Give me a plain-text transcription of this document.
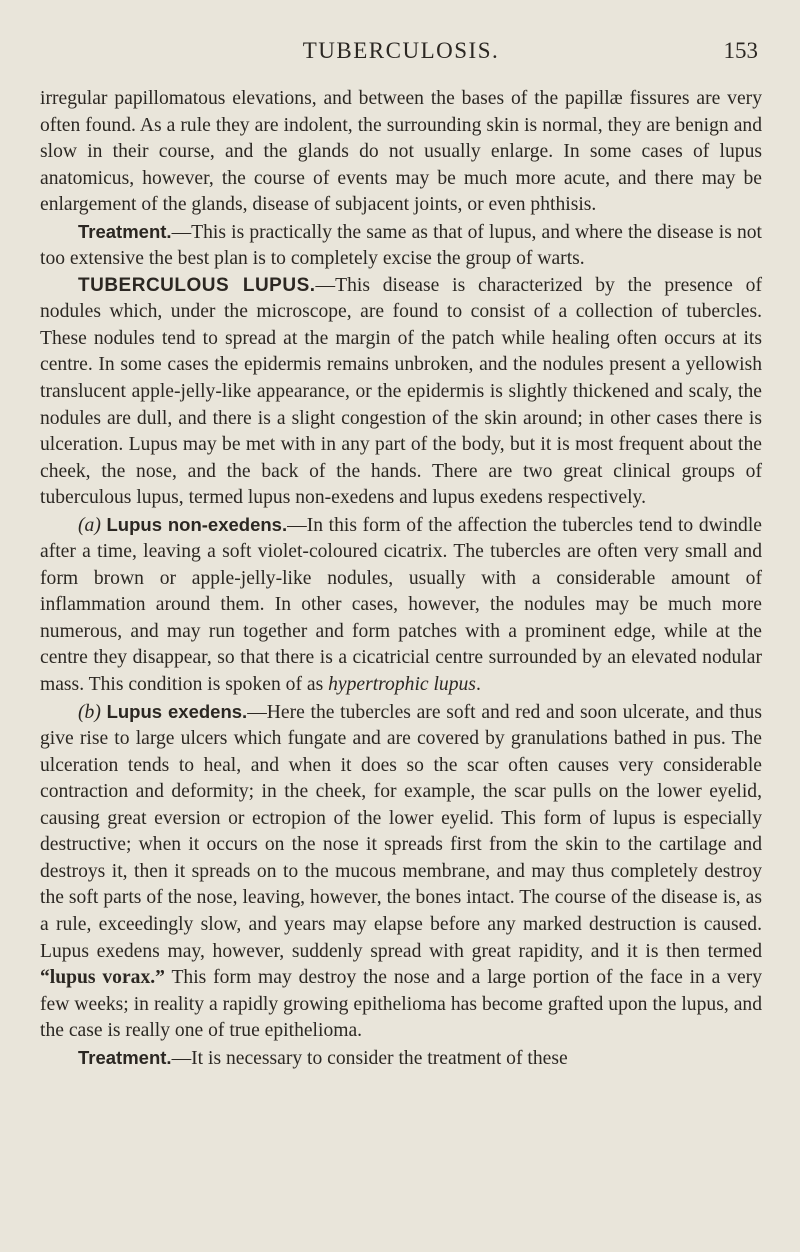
TUBERCULOSIS.	153

irregular papillomatous elevations, and between the bases of the papillæ fissures are very often found. As a rule they are indolent, the surrounding skin is normal, they are benign and slow in their course, and the glands do not usually enlarge. In some cases of lupus anatomicus, however, the course of events may be much more acute, and there may be enlargement of the glands, disease of subjacent joints, or even phthisis.

Treatment.—This is practically the same as that of lupus, and where the disease is not too extensive the best plan is to completely excise the group of warts.

TUBERCULOUS LUPUS.—This disease is characterized by the presence of nodules which, under the microscope, are found to consist of a collection of tubercles. These nodules tend to spread at the margin of the patch while healing often occurs at its centre. In some cases the epidermis remains unbroken, and the nodules present a yellowish translucent apple-jelly-like appearance, or the epidermis is slightly thickened and scaly, the nodules are dull, and there is a slight congestion of the skin around; in other cases there is ulceration. Lupus may be met with in any part of the body, but it is most frequent about the cheek, the nose, and the back of the hands. There are two great clinical groups of tuberculous lupus, termed lupus non-exedens and lupus exedens respectively.

(a) Lupus non-exedens.—In this form of the affection the tubercles tend to dwindle after a time, leaving a soft violet-coloured cicatrix. The tubercles are often very small and form brown or apple-jelly-like nodules, usually with a considerable amount of inflammation around them. In other cases, however, the nodules may be much more numerous, and may run together and form patches with a prominent edge, while at the centre they disappear, so that there is a cicatricial centre surrounded by an elevated nodular mass. This condition is spoken of as hypertrophic lupus.

(b) Lupus exedens.—Here the tubercles are soft and red and soon ulcerate, and thus give rise to large ulcers which fungate and are covered by granulations bathed in pus. The ulceration tends to heal, and when it does so the scar often causes very considerable contraction and deformity; in the cheek, for example, the scar pulls on the lower eyelid, causing great eversion or ectropion of the lower eyelid. This form of lupus is especially destructive; when it occurs on the nose it spreads first from the skin to the cartilage and destroys it, then it spreads on to the mucous membrane, and may thus completely destroy the soft parts of the nose, leaving, however, the bones intact. The course of the disease is, as a rule, exceedingly slow, and years may elapse before any marked destruction is caused. Lupus exedens may, however, suddenly spread with great rapidity, and it is then termed “lupus vorax.” This form may destroy the nose and a large portion of the face in a very few weeks; in reality a rapidly growing epithelioma has become grafted upon the lupus, and the case is really one of true epithelioma.

Treatment.—It is necessary to consider the treatment of these
